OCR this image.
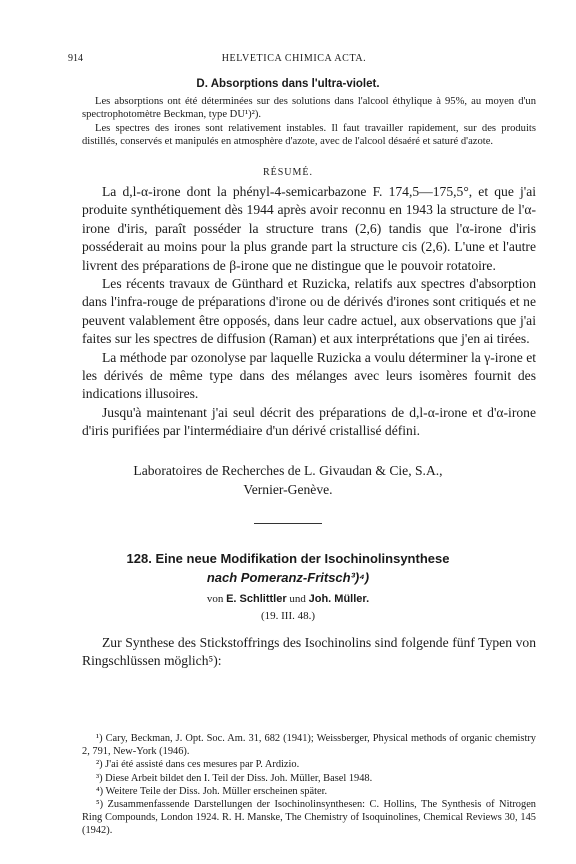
914	HELVETICA CHIMICA ACTA.
D. Absorptions dans l'ultra-violet.

Les absorptions ont été déterminées sur des solutions dans l'alcool éthylique à 95%, au moyen d'un spectrophotomètre Beckman, type DU¹)²).

Les spectres des irones sont relativement instables. Il faut travailler rapidement, sur des produits distillés, conservés et manipulés en atmosphère d'azote, avec de l'alcool désaéré et saturé d'azote.

RÉSUMÉ.

La d,l-α-irone dont la phényl-4-semicarbazone F. 174,5—175,5°, et que j'ai produite synthétiquement dès 1944 après avoir reconnu en 1943 la structure de l'α-irone d'iris, paraît posséder la structure trans (2,6) tandis que l'α-irone d'iris posséderait au moins pour la plus grande part la structure cis (2,6). L'une et l'autre livrent des préparations de β-irone que ne distingue que le pouvoir rotatoire.

Les récents travaux de Günthard et Ruzicka, relatifs aux spectres d'absorption dans l'infra-rouge de préparations d'irone ou de dérivés d'irones sont critiqués et ne peuvent valablement être opposés, dans leur cadre actuel, aux observations que j'ai faites sur les spectres de diffusion (Raman) et aux interprétations que j'en ai tirées.

La méthode par ozonolyse par laquelle Ruzicka a voulu déterminer la γ-irone et les dérivés de même type dans des mélanges avec leurs isomères fournit des indications illusoires.

Jusqu'à maintenant j'ai seul décrit des préparations de d,l-α-irone et d'α-irone d'iris purifiées par l'intermédiaire d'un dérivé cristallisé défini.

Laboratoires de Recherches de L. Givaudan & Cie, S.A.,
Vernier-Genève.
128. Eine neue Modifikation der Isochinolinsynthese
nach Pomeranz-Fritsch³)⁴)
von E. Schlittler und Joh. Müller.
(19. III. 48.)

Zur Synthese des Stickstoffrings des Isochinolins sind folgende fünf Typen von Ringschlüssen möglich⁵):

¹) Cary, Beckman, J. Opt. Soc. Am. 31, 682 (1941); Weissberger, Physical methods of organic chemistry 2, 791, New-York (1946).

²) J'ai été assisté dans ces mesures par P. Ardizio.

³) Diese Arbeit bildet den I. Teil der Diss. Joh. Müller, Basel 1948.

⁴) Weitere Teile der Diss. Joh. Müller erscheinen später.

⁵) Zusammenfassende Darstellungen der Isochinolinsynthesen: C. Hollins, The Synthesis of Nitrogen Ring Compounds, London 1924. R. H. Manske, The Chemistry of Isoquinolines, Chemical Reviews 30, 145 (1942).
